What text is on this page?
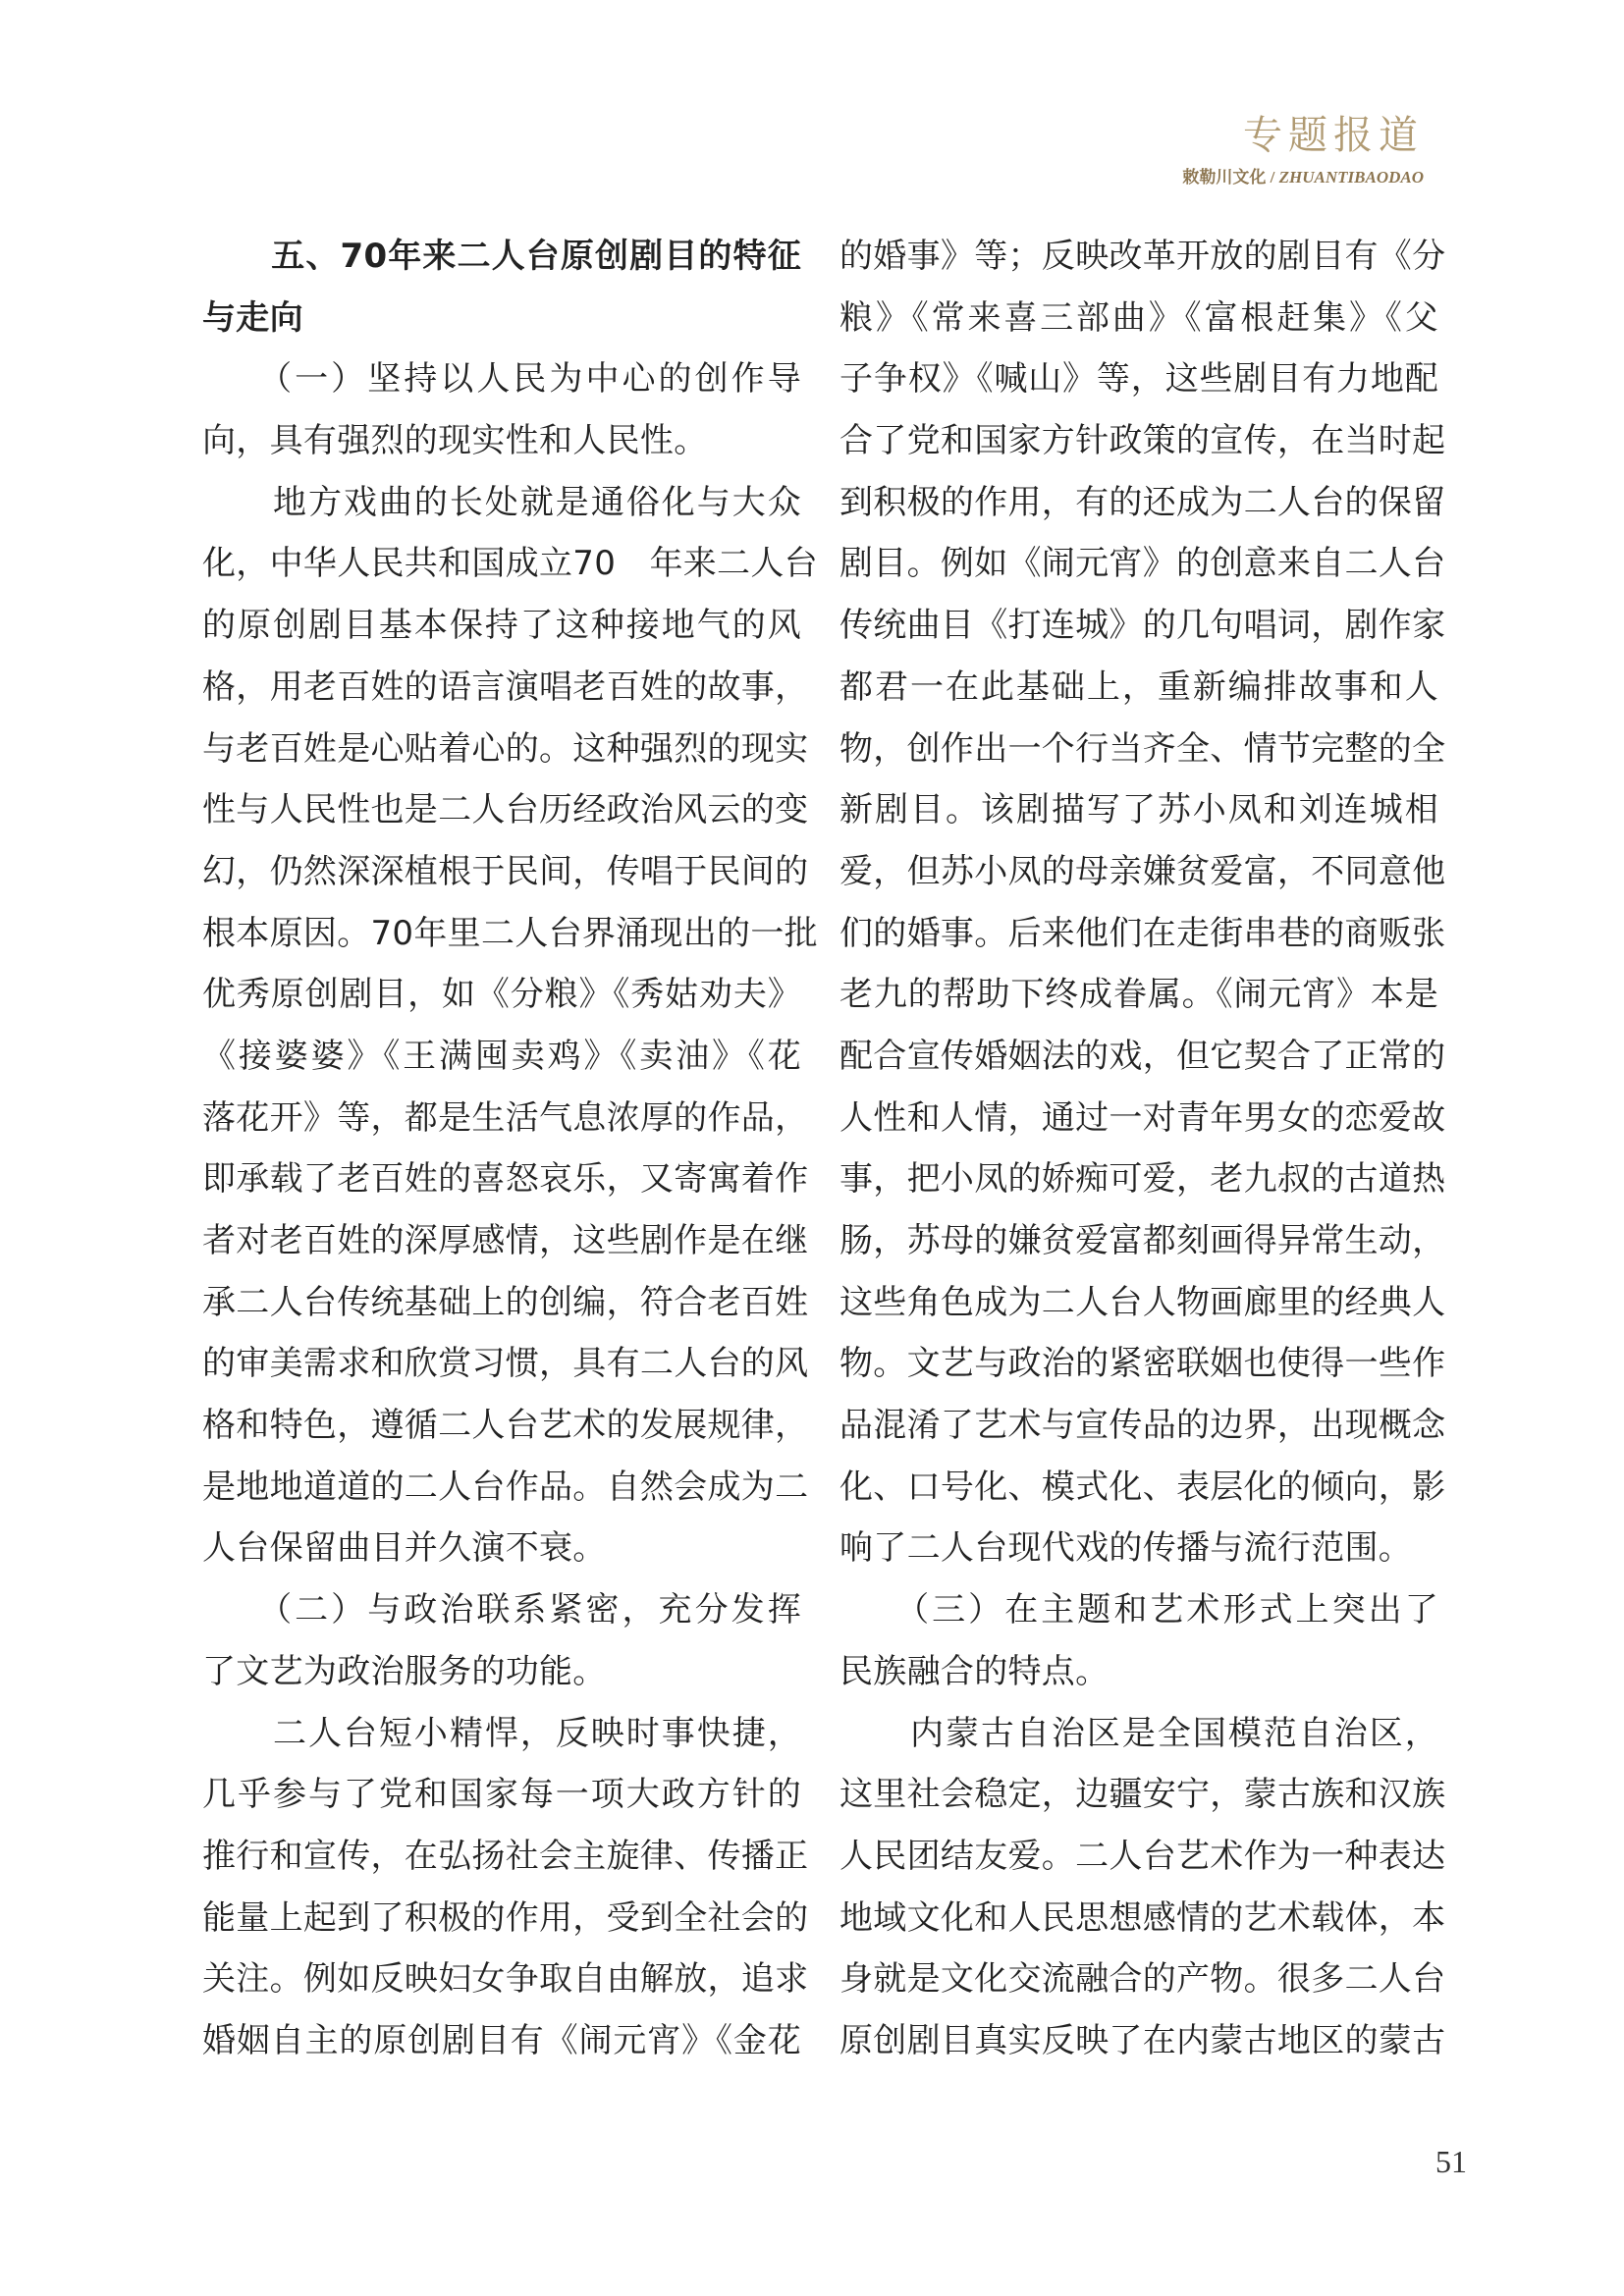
专题报道
敕勒川文化 / ZHUANTIBAODAO
　　五、70年来二人台原创剧目的特征
与走向
　　（一）坚持以人民为中心的创作导
向，具有强烈的现实性和人民性。
　　地方戏曲的长处就是通俗化与大众
化，中华人民共和国成立70　年来二人台
的原创剧目基本保持了这种接地气的风
格，用老百姓的语言演唱老百姓的故事，
与老百姓是心贴着心的。这种强烈的现实
性与人民性也是二人台历经政治风云的变
幻，仍然深深植根于民间，传唱于民间的
根本原因。70年里二人台界涌现出的一批
优秀原创剧目，如《分粮》《秀姑劝夫》
《接婆婆》《王满囤卖鸡》《卖油》《花
落花开》等，都是生活气息浓厚的作品，
即承载了老百姓的喜怒哀乐，又寄寓着作
者对老百姓的深厚感情，这些剧作是在继
承二人台传统基础上的创编，符合老百姓
的审美需求和欣赏习惯，具有二人台的风
格和特色，遵循二人台艺术的发展规律，
是地地道道的二人台作品。自然会成为二
人台保留曲目并久演不衰。
　　（二）与政治联系紧密，充分发挥
了文艺为政治服务的功能。
　　二人台短小精悍，反映时事快捷，
几乎参与了党和国家每一项大政方针的
推行和宣传，在弘扬社会主旋律、传播正
能量上起到了积极的作用，受到全社会的
关注。例如反映妇女争取自由解放，追求
婚姻自主的原创剧目有《闹元宵》《金花
的婚事》等；反映改革开放的剧目有《分
粮》《常来喜三部曲》《富根赶集》《父
子争权》《喊山》等，这些剧目有力地配
合了党和国家方针政策的宣传，在当时起
到积极的作用，有的还成为二人台的保留
剧目。例如《闹元宵》的创意来自二人台
传统曲目《打连城》的几句唱词，剧作家
都君一在此基础上，重新编排故事和人
物，创作出一个行当齐全、情节完整的全
新剧目。该剧描写了苏小凤和刘连城相
爱，但苏小凤的母亲嫌贫爱富，不同意他
们的婚事。后来他们在走街串巷的商贩张
老九的帮助下终成眷属。《闹元宵》本是
配合宣传婚姻法的戏，但它契合了正常的
人性和人情，通过一对青年男女的恋爱故
事，把小凤的娇痴可爱，老九叔的古道热
肠，苏母的嫌贫爱富都刻画得异常生动，
这些角色成为二人台人物画廊里的经典人
物。文艺与政治的紧密联姻也使得一些作
品混淆了艺术与宣传品的边界，出现概念
化、口号化、模式化、表层化的倾向，影
响了二人台现代戏的传播与流行范围。
　　（三）在主题和艺术形式上突出了
民族融合的特点。
　　内蒙古自治区是全国模范自治区，
这里社会稳定，边疆安宁，蒙古族和汉族
人民团结友爱。二人台艺术作为一种表达
地域文化和人民思想感情的艺术载体，本
身就是文化交流融合的产物。很多二人台
原创剧目真实反映了在内蒙古地区的蒙古
51
